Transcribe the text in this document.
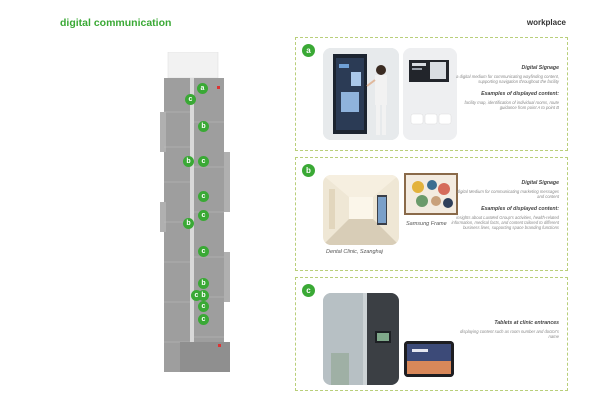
digital communication	workplace
a
c
b
b	c
c
c
b
c
b
c b
c
c
a
Digital Signage
a digital medium for communicating wayfinding content, supporting navigation throughout the facility
Examples of displayed content:
facility map, identification of individual rooms, route guidance from point A to point B
b
Dental Clinic, Szanghaj
Samsung Frame
Digital Signage
digital Medium for communicating marketing messages and content
Examples of displayed content:
insights about LuxMed Group's activities, health-related information, medical facts, and content tailored to different business lines, supporting space branding functions
c
Tablets at clinic entrances
displaying content such as room number and doctor's name
